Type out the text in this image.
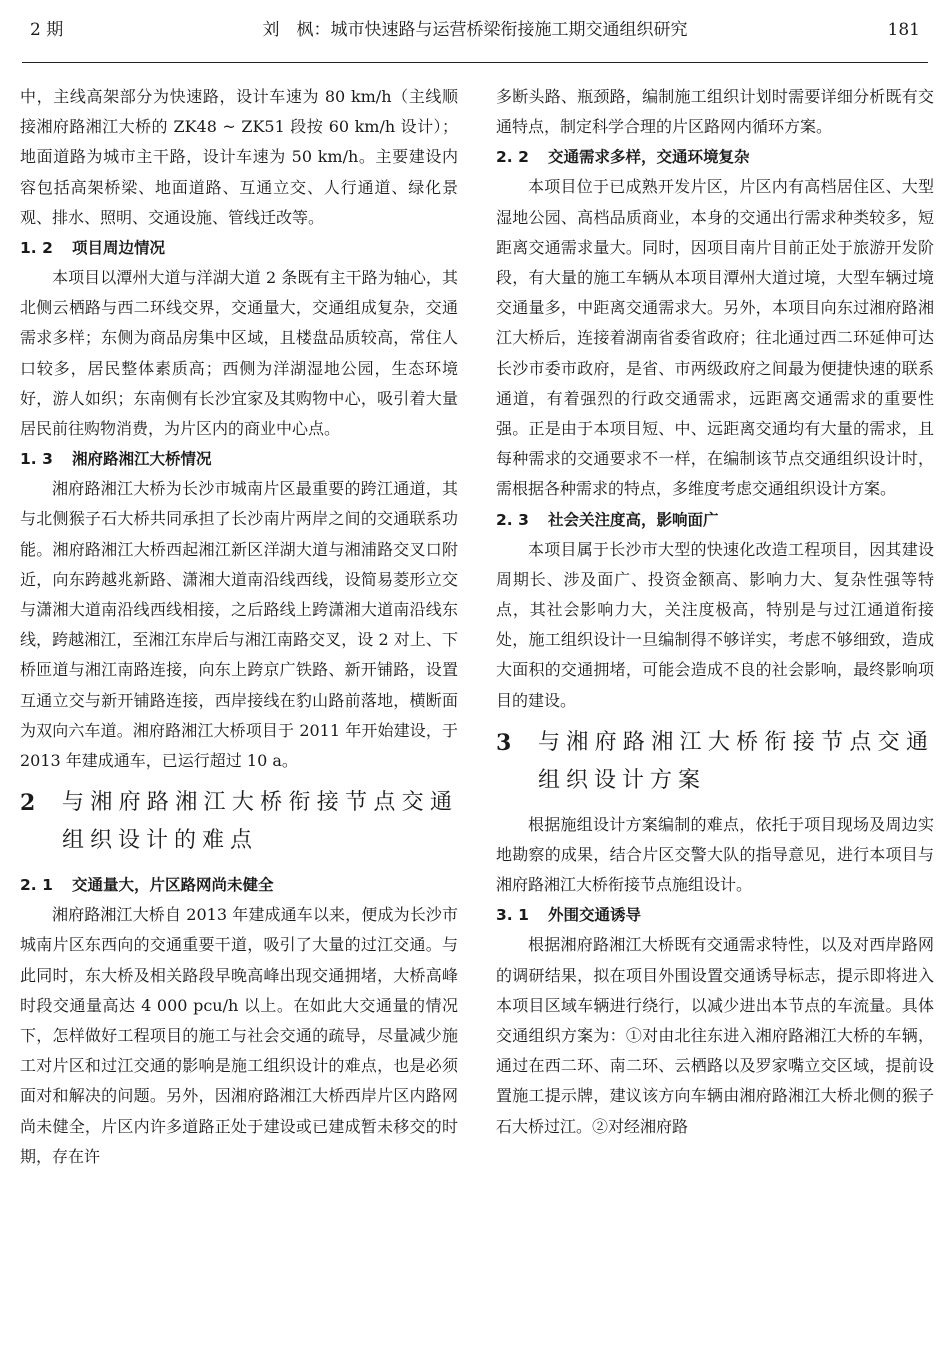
2 期	刘　枫：城市快速路与运营桥梁衔接施工期交通组织研究	181

中，主线高架部分为快速路，设计车速为 80 km/h（主线顺接湘府路湘江大桥的 ZK48 ~ ZK51 段按 60 km/h 设计）；地面道路为城市主干路，设计车速为 50 km/h。主要建设内容包括高架桥梁、地面道路、互通立交、人行通道、绿化景观、排水、照明、交通设施、管线迁改等。

1. 2 项目周边情况

本项目以潭州大道与洋湖大道 2 条既有主干路为轴心，其北侧云栖路与西二环线交界，交通量大，交通组成复杂，交通需求多样；东侧为商品房集中区域，且楼盘品质较高，常住人口较多，居民整体素质高；西侧为洋湖湿地公园，生态环境好，游人如织；东南侧有长沙宜家及其购物中心，吸引着大量居民前往购物消费，为片区内的商业中心点。

1. 3 湘府路湘江大桥情况

湘府路湘江大桥为长沙市城南片区最重要的跨江通道，其与北侧猴子石大桥共同承担了长沙南片两岸之间的交通联系功能。湘府路湘江大桥西起湘江新区洋湖大道与湘浦路交叉口附近，向东跨越兆新路、潇湘大道南沿线西线，设简易菱形立交与潇湘大道南沿线西线相接，之后路线上跨潇湘大道南沿线东线，跨越湘江，至湘江东岸后与湘江南路交叉，设 2 对上、下桥匝道与湘江南路连接，向东上跨京广铁路、新开铺路，设置互通立交与新开铺路连接，西岸接线在豹山路前落地，横断面为双向六车道。湘府路湘江大桥项目于 2011 年开始建设，于 2013 年建成通车，已运行超过 10 a。

2 与湘府路湘江大桥衔接节点交通组织设计的难点
2. 1 交通量大，片区路网尚未健全

湘府路湘江大桥自 2013 年建成通车以来，便成为长沙市城南片区东西向的交通重要干道，吸引了大量的过江交通。与此同时，东大桥及相关路段早晚高峰出现交通拥堵，大桥高峰时段交通量高达 4 000 pcu/h 以上。在如此大交通量的情况下，怎样做好工程项目的施工与社会交通的疏导，尽量减少施工对片区和过江交通的影响是施工组织设计的难点，也是必须面对和解决的问题。另外，因湘府路湘江大桥西岸片区内路网尚未健全，片区内许多道路正处于建设或已建成暂未移交的时期，存在许

多断头路、瓶颈路，编制施工组织计划时需要详细分析既有交通特点，制定科学合理的片区路网内循环方案。

2. 2 交通需求多样，交通环境复杂

本项目位于已成熟开发片区，片区内有高档居住区、大型湿地公园、高档品质商业，本身的交通出行需求种类较多，短距离交通需求量大。同时，因项目南片目前正处于旅游开发阶段，有大量的施工车辆从本项目潭州大道过境，大型车辆过境交通量多，中距离交通需求大。另外，本项目向东过湘府路湘江大桥后，连接着湖南省委省政府；往北通过西二环延伸可达长沙市委市政府，是省、市两级政府之间最为便捷快速的联系通道，有着强烈的行政交通需求，远距离交通需求的重要性强。正是由于本项目短、中、远距离交通均有大量的需求，且每种需求的交通要求不一样，在编制该节点交通组织设计时，需根据各种需求的特点，多维度考虑交通组织设计方案。

2. 3 社会关注度高，影响面广

本项目属于长沙市大型的快速化改造工程项目，因其建设周期长、涉及面广、投资金额高、影响力大、复杂性强等特点，其社会影响力大，关注度极高，特别是与过江通道衔接处，施工组织设计一旦编制得不够详实，考虑不够细致，造成大面积的交通拥堵，可能会造成不良的社会影响，最终影响项目的建设。

3 与湘府路湘江大桥衔接节点交通组织设计方案

根据施组设计方案编制的难点，依托于项目现场及周边实地勘察的成果，结合片区交警大队的指导意见，进行本项目与湘府路湘江大桥衔接节点施组设计。

3. 1 外围交通诱导

根据湘府路湘江大桥既有交通需求特性，以及对西岸路网的调研结果，拟在项目外围设置交通诱导标志，提示即将进入本项目区域车辆进行绕行，以减少进出本节点的车流量。具体交通组织方案为：①对由北往东进入湘府路湘江大桥的车辆，通过在西二环、南二环、云栖路以及罗家嘴立交区域，提前设置施工提示牌，建议该方向车辆由湘府路湘江大桥北侧的猴子石大桥过江。②对经湘府路
